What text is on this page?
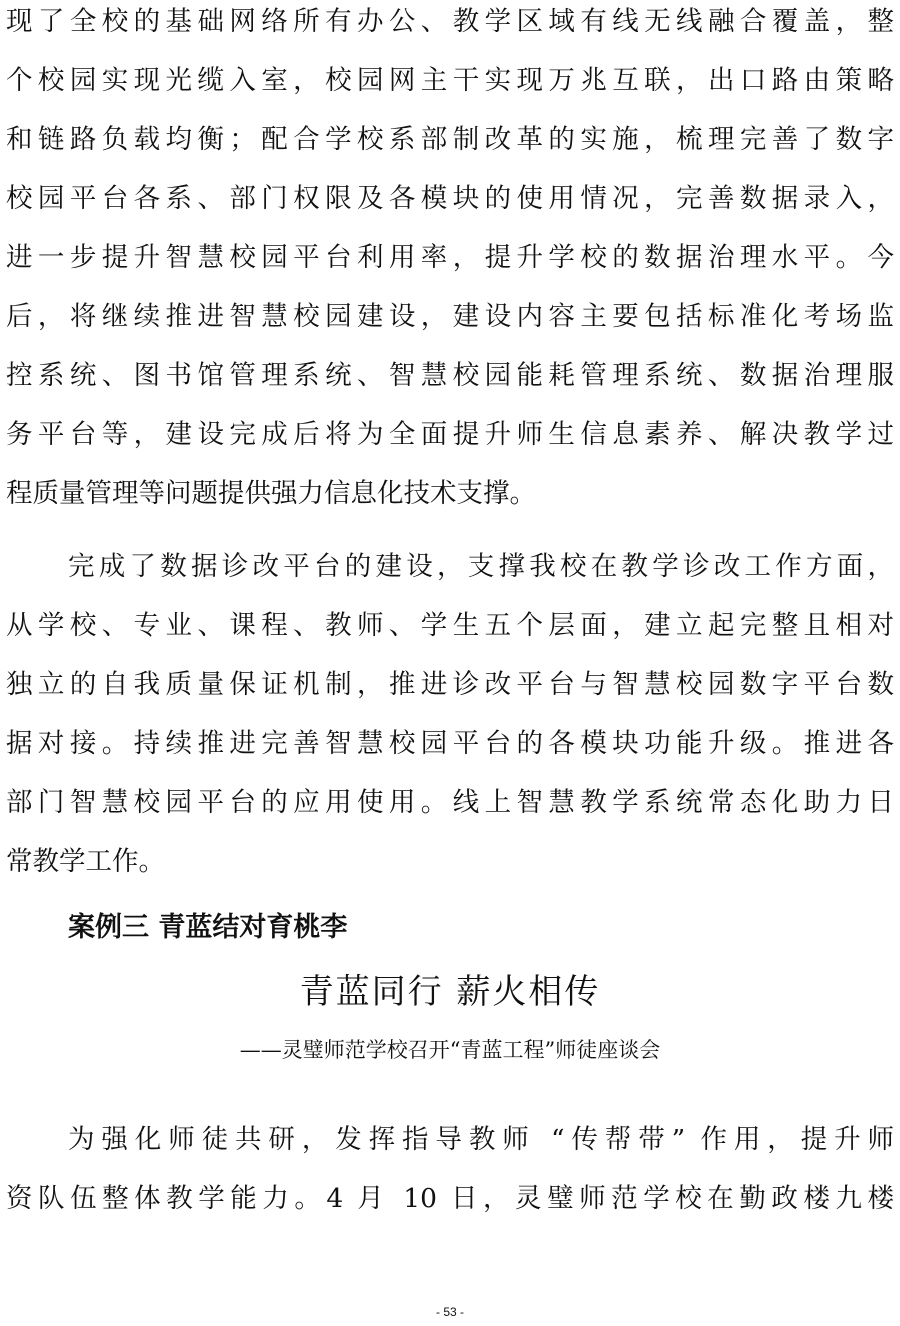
现了全校的基础网络所有办公、教学区域有线无线融合覆盖，整
个校园实现光缆入室，校园网主干实现万兆互联，出口路由策略
和链路负载均衡；配合学校系部制改革的实施，梳理完善了数字
校园平台各系、部门权限及各模块的使用情况，完善数据录入，
进一步提升智慧校园平台利用率，提升学校的数据治理水平。今
后，将继续推进智慧校园建设，建设内容主要包括标准化考场监
控系统、图书馆管理系统、智慧校园能耗管理系统、数据治理服
务平台等，建设完成后将为全面提升师生信息素养、解决教学过
程质量管理等问题提供强力信息化技术支撑。
完成了数据诊改平台的建设，支撑我校在教学诊改工作方面，
从学校、专业、课程、教师、学生五个层面，建立起完整且相对
独立的自我质量保证机制，推进诊改平台与智慧校园数字平台数
据对接。持续推进完善智慧校园平台的各模块功能升级。推进各
部门智慧校园平台的应用使用。线上智慧教学系统常态化助力日
常教学工作。
案例三 青蓝结对育桃李
青蓝同行 薪火相传
——灵璧师范学校召开“青蓝工程”师徒座谈会
为强化师徒共研，发挥指导教师 “传帮带” 作用，提升师
资队伍整体教学能力。4 月 10 日，灵璧师范学校在勤政楼九楼
- 53 -
